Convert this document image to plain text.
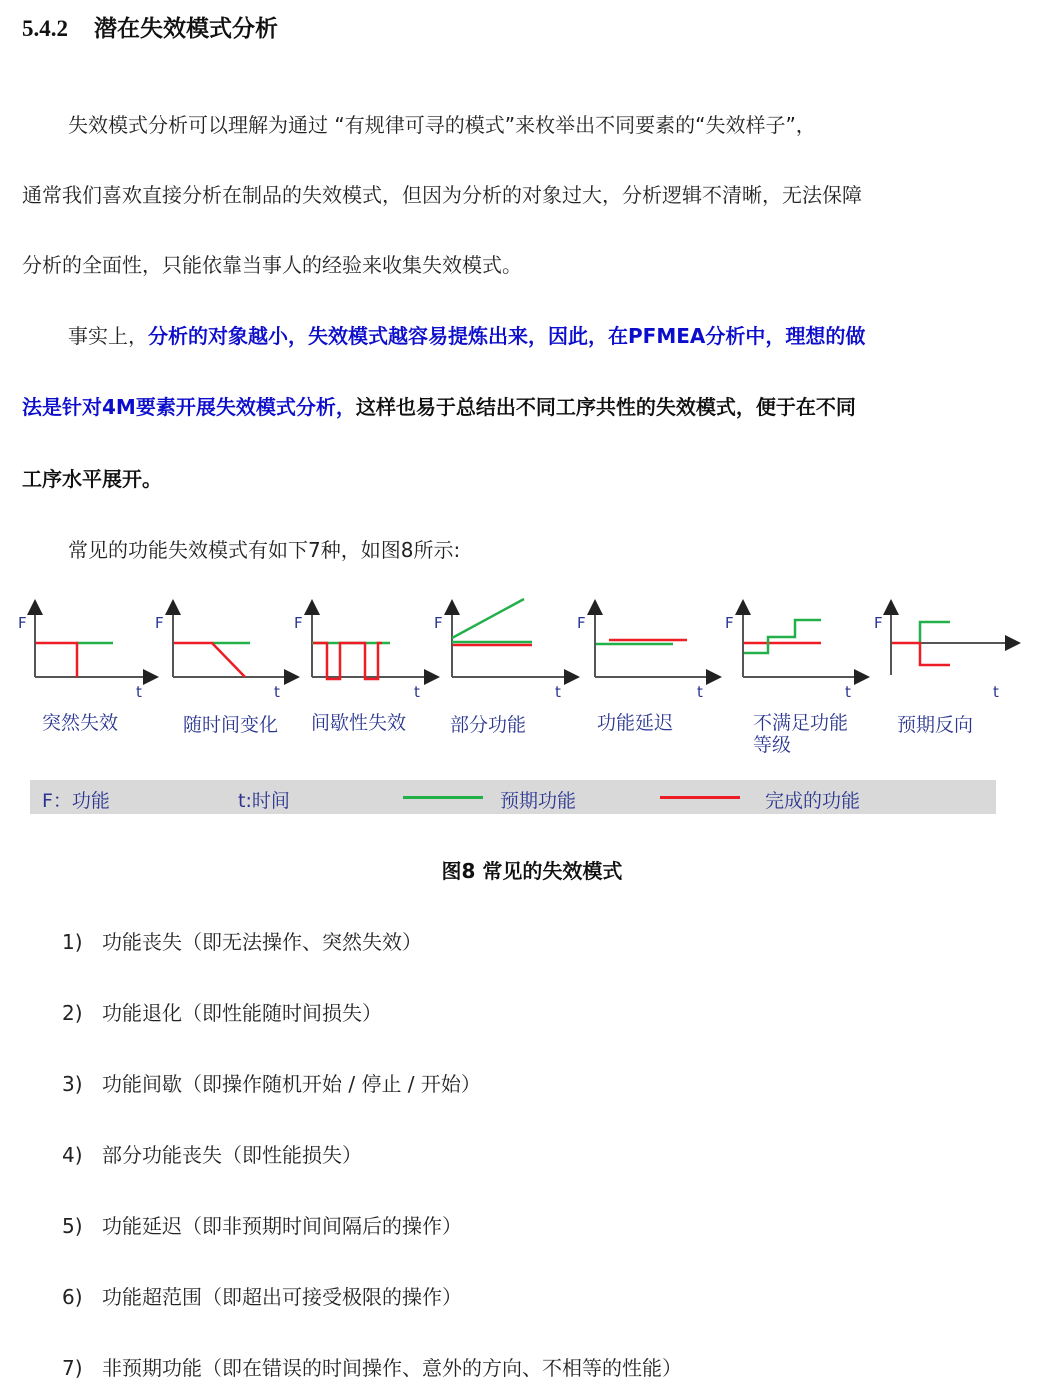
5.4.2 潜在失效模式分析
失效模式分析可以理解为通过 “有规律可寻的模式”来枚举出不同要素的“失效样子”，
通常我们喜欢直接分析在制品的失效模式，但因为分析的对象过大，分析逻辑不清晰，无法保障
分析的全面性，只能依靠当事人的经验来收集失效模式。
事实上，分析的对象越小，失效模式越容易提炼出来，因此，在PFMEA分析中，理想的做
法是针对4M要素开展失效模式分析，这样也易于总结出不同工序共性的失效模式，便于在不同
工序水平展开。
常见的功能失效模式有如下7种，如图8所示:
F
t
F
t
F
t
F
t
F
t
F
t
F
t
突然失效	随时间变化 间歇性失效 部分功能	功能延迟	不满足功能
等级
预期反向
F：功能	t:时间	预期功能	完成的功能
图8 常见的失效模式
1) 功能丧失（即无法操作、突然失效）
2) 功能退化（即性能随时间损失）
3) 功能间歇（即操作随机开始 / 停止 / 开始）
4) 部分功能丧失（即性能损失）
5) 功能延迟（即非预期时间间隔后的操作）
6) 功能超范围（即超出可接受极限的操作）
7) 非预期功能（即在错误的时间操作、意外的方向、不相等的性能）
